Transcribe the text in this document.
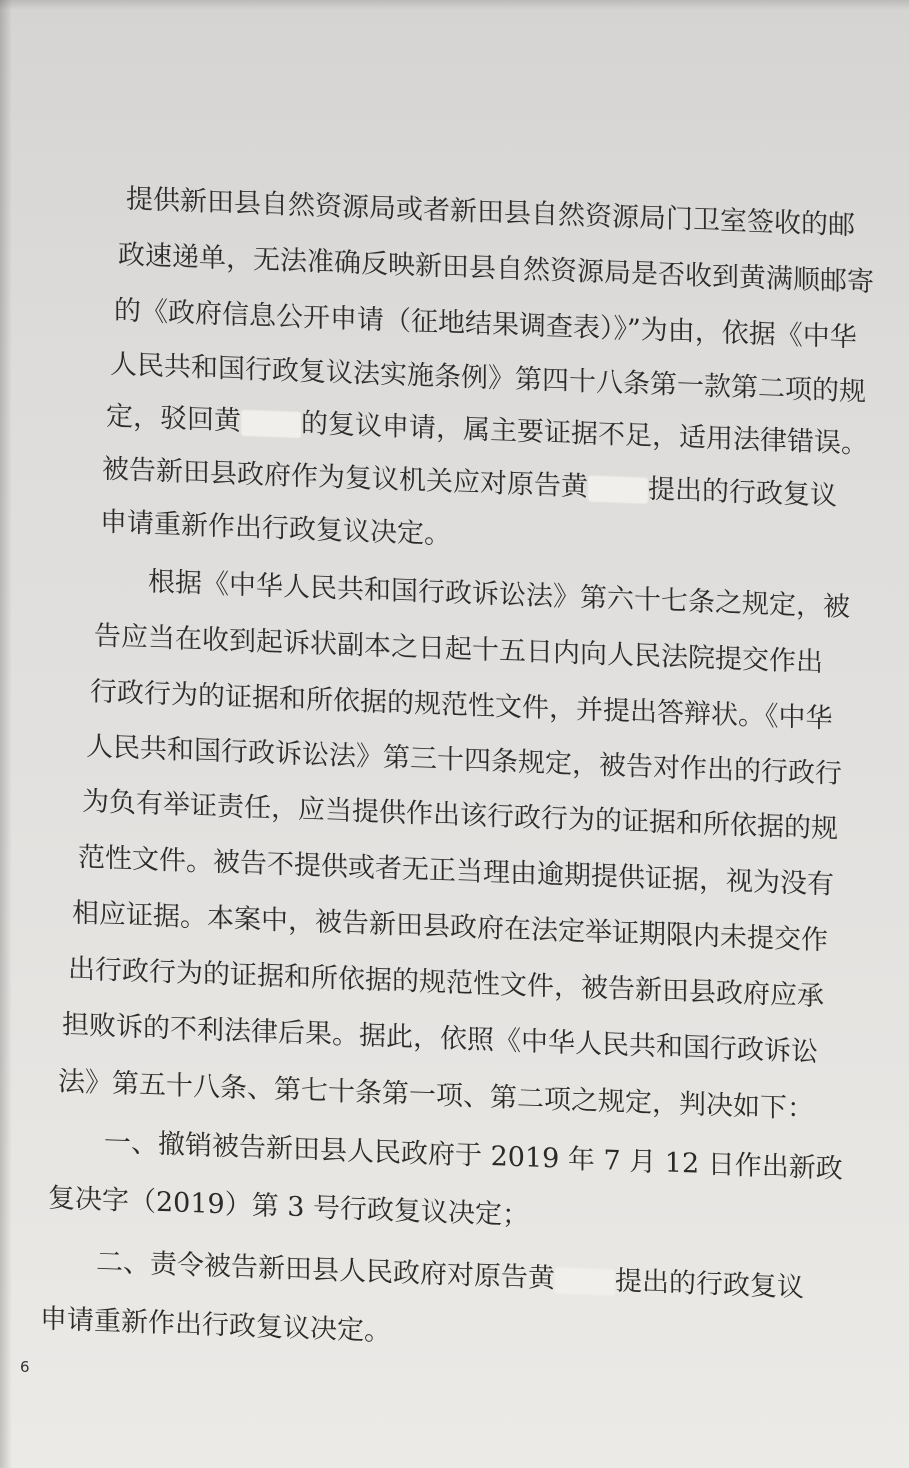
提供新田县自然资源局或者新田县自然资源局门卫室签收的邮
政速递单，无法准确反映新田县自然资源局是否收到黄满顺邮寄
的《政府信息公开申请（征地结果调查表）》”为由，依据《中华
人民共和国行政复议法实施条例》第四十八条第一款第二项的规
定，驳回黄 的复议申请，属主要证据不足，适用法律错误。
被告新田县政府作为复议机关应对原告黄 提出的行政复议
申请重新作出行政复议决定。
根据《中华人民共和国行政诉讼法》第六十七条之规定，被
告应当在收到起诉状副本之日起十五日内向人民法院提交作出
行政行为的证据和所依据的规范性文件，并提出答辩状。《中华
人民共和国行政诉讼法》第三十四条规定，被告对作出的行政行
为负有举证责任，应当提供作出该行政行为的证据和所依据的规
范性文件。被告不提供或者无正当理由逾期提供证据，视为没有
相应证据。本案中，被告新田县政府在法定举证期限内未提交作
出行政行为的证据和所依据的规范性文件，被告新田县政府应承
担败诉的不利法律后果。据此，依照《中华人民共和国行政诉讼
法》第五十八条、第七十条第一项、第二项之规定，判决如下：
一、撤销被告新田县人民政府于 2019 年 7 月 12 日作出新政
复决字（2019）第 3 号行政复议决定；
二、责令被告新田县人民政府对原告黄 提出的行政复议
申请重新作出行政复议决定。
6
